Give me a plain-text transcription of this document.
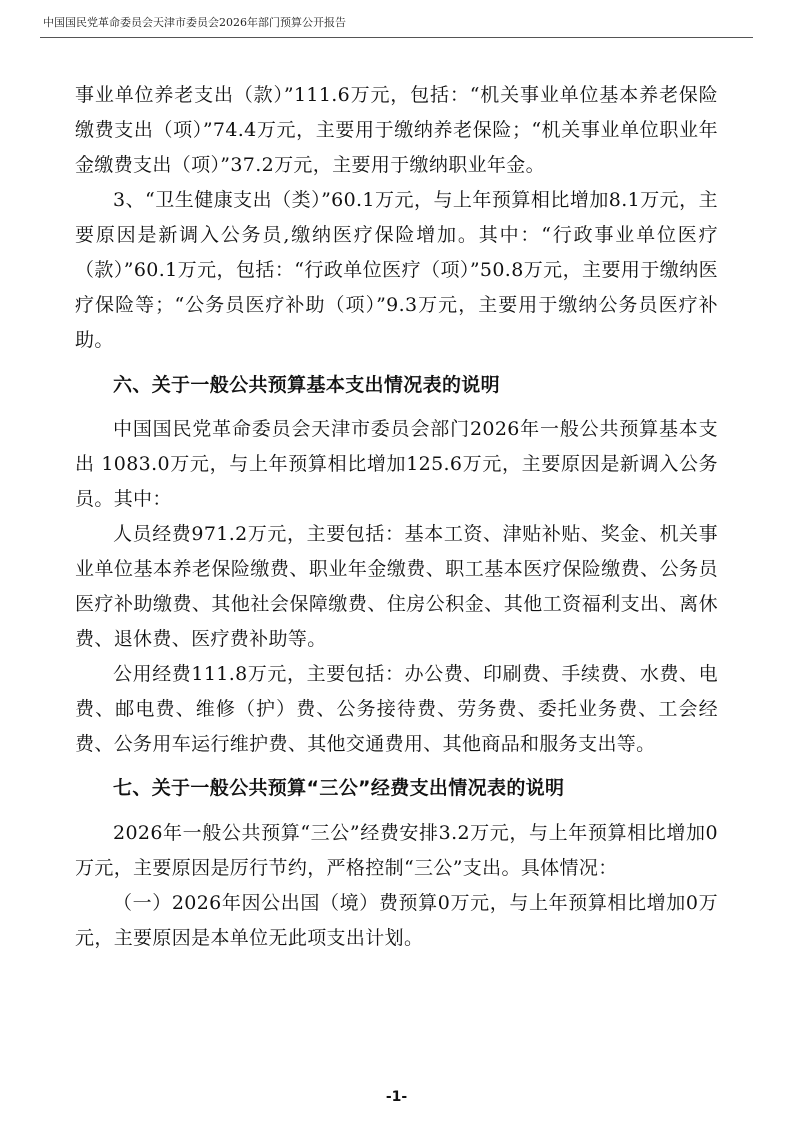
中国国民党革命委员会天津市委员会2026年部门预算公开报告

事业单位养老支出（款）”111.6万元，包括：“机关事业单位基本养老保险缴费支出（项）”74.4万元，主要用于缴纳养老保险；“机关事业单位职业年金缴费支出（项）”37.2万元，主要用于缴纳职业年金。

3、“卫生健康支出（类）”60.1万元，与上年预算相比增加8.1万元，主要原因是新调入公务员,缴纳医疗保险增加。其中：“行政事业单位医疗（款）”60.1万元，包括：“行政单位医疗（项）”50.8万元，主要用于缴纳医疗保险等；“公务员医疗补助（项）”9.3万元，主要用于缴纳公务员医疗补助。

六、关于一般公共预算基本支出情况表的说明

中国国民党革命委员会天津市委员会部门2026年一般公共预算基本支出 1083.0万元，与上年预算相比增加125.6万元，主要原因是新调入公务员。其中：

人员经费971.2万元，主要包括：基本工资、津贴补贴、奖金、机关事业单位基本养老保险缴费、职业年金缴费、职工基本医疗保险缴费、公务员医疗补助缴费、其他社会保障缴费、住房公积金、其他工资福利支出、离休费、退休费、医疗费补助等。

公用经费111.8万元，主要包括：办公费、印刷费、手续费、水费、电费、邮电费、维修（护）费、公务接待费、劳务费、委托业务费、工会经费、公务用车运行维护费、其他交通费用、其他商品和服务支出等。

七、关于一般公共预算“三公”经费支出情况表的说明

2026年一般公共预算“三公”经费安排3.2万元，与上年预算相比增加0万元，主要原因是厉行节约，严格控制“三公”支出。具体情况：

（一）2026年因公出国（境）费预算0万元，与上年预算相比增加0万元，主要原因是本单位无此项支出计划。

-1-
